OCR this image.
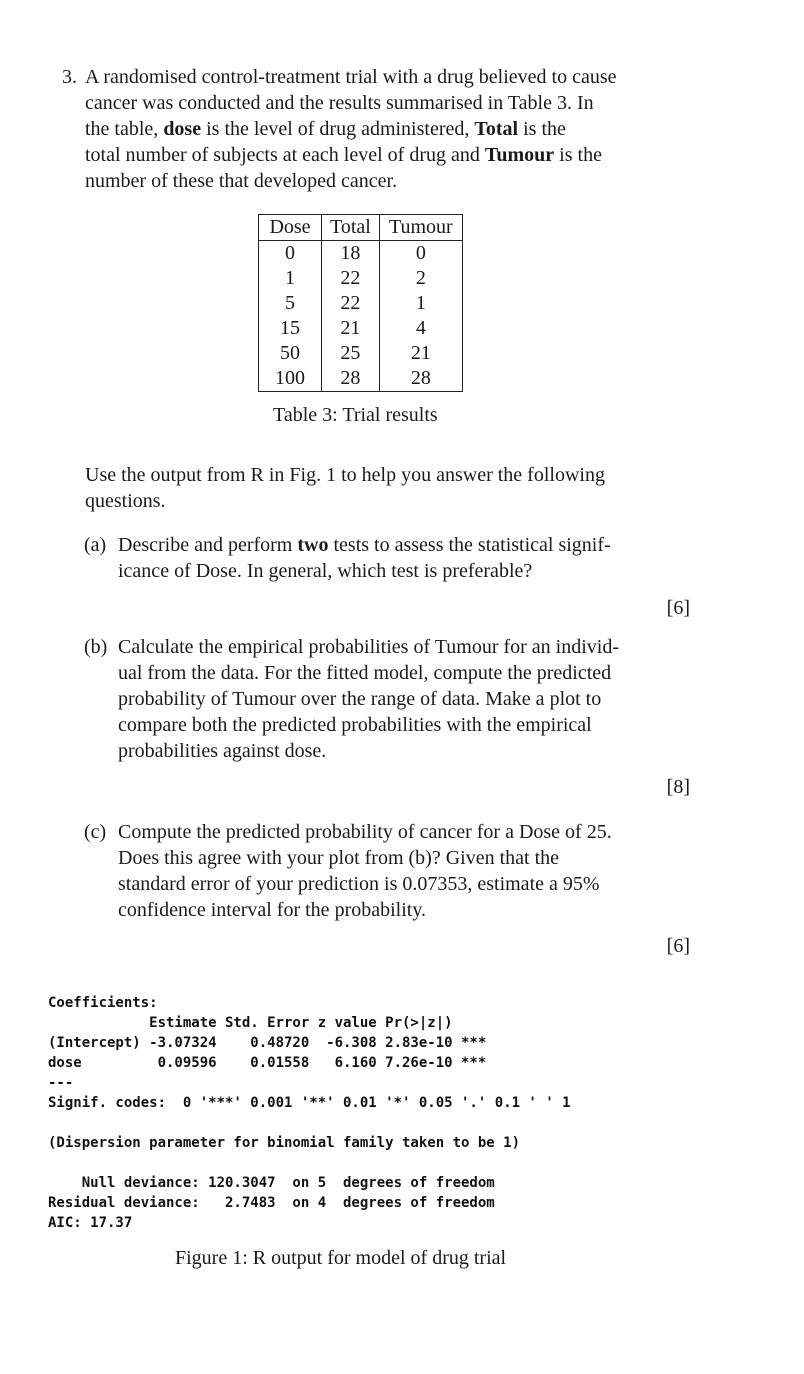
3. A randomised control-treatment trial with a drug believed to cause
cancer was conducted and the results summarised in Table 3. In
the table, dose is the level of drug administered, Total is the
total number of subjects at each level of drug and Tumour is the
number of these that developed cancer.
Dose	Total	Tumour
0	18	0
1	22	2
5	22	1
15	21	4
50	25	21
100	28	28
Table 3: Trial results
Use the output from R in Fig. 1 to help you answer the following
questions.
(a) Describe and perform two tests to assess the statistical signif-
icance of Dose. In general, which test is preferable?
[6]
(b) Calculate the empirical probabilities of Tumour for an individ-
ual from the data. For the fitted model, compute the predicted
probability of Tumour over the range of data. Make a plot to
compare both the predicted probabilities with the empirical
probabilities against dose.
[8]
(c) Compute the predicted probability of cancer for a Dose of 25.
Does this agree with your plot from (b)? Given that the
standard error of your prediction is 0.07353, estimate a 95%
confidence interval for the probability.
[6]
Coefficients:
Estimate Std. Error z value Pr(>|z|)
(Intercept) -3.07324    0.48720  -6.308 2.83e-10 ***
dose         0.09596    0.01558   6.160 7.26e-10 ***
---
Signif. codes:  0 '***' 0.001 '**' 0.01 '*' 0.05 '.' 0.1 ' ' 1
(Dispersion parameter for binomial family taken to be 1)
Null deviance: 120.3047  on 5  degrees of freedom
Residual deviance:   2.7483  on 4  degrees of freedom
AIC: 17.37
Figure 1: R output for model of drug trial
